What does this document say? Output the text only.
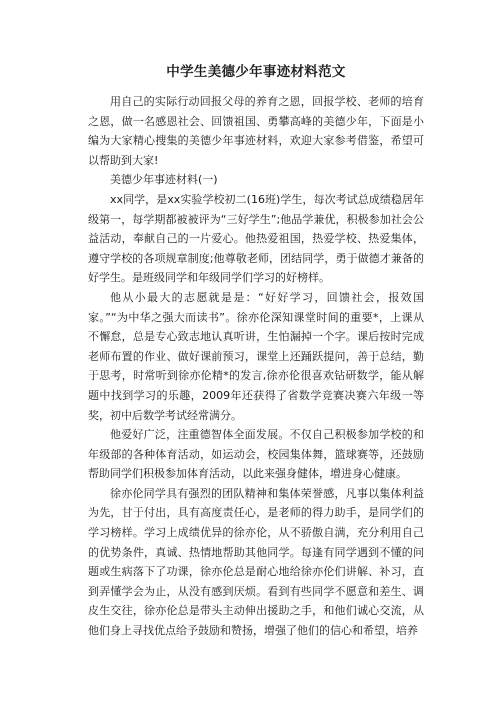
中学生美德少年事迹材料范文

用自己的实际行动回报父母的养育之恩，回报学校、老师的培育之恩，做一名感恩社会、回馈祖国、勇攀高峰的美德少年，下面是小编为大家精心搜集的美德少年事迹材料，欢迎大家参考借鉴，希望可以帮助到大家!

美德少年事迹材料(一)

xx同学，是xx实验学校初二(16班)学生，每次考试总成绩稳居年级第一，每学期都被被评为“三好学生”;他品学兼优，积极参加社会公益活动，奉献自己的一片爱心。他热爱祖国，热爱学校、热爱集体，遵守学校的各项规章制度;他尊敬老师，团结同学，勇于做德才兼备的好学生。是班级同学和年级同学们学习的好榜样。

他从小最大的志愿就是是：“好好学习，回馈社会，报效国家。”“为中华之强大而读书”。徐亦伦深知课堂时间的重要*，上课从不懈怠，总是专心致志地认真听讲，生怕漏掉一个字。课后按时完成老师布置的作业、做好课前预习，课堂上还踊跃提问，善于总结，勤于思考，时常听到徐亦伦精*的发言,徐亦伦很喜欢钻研数学，能从解题中找到学习的乐趣，2009年还获得了省数学竞赛决赛六年级一等奖，初中后数学考试经常满分。

他爱好广泛，注重德智体全面发展。不仅自己积极参加学校的和年级部的各种体育活动，如运动会，校园集体舞，篮球赛等，还鼓励帮助同学们积极参加体育活动，以此来强身健体，增进身心健康。

徐亦伦同学具有强烈的团队精神和集体荣誉感，凡事以集体利益为先，甘于付出，具有高度责任心，是老师的得力助手，是同学们的学习榜样。学习上成绩优异的徐亦伦，从不骄傲自满，充分利用自己的优势条件，真诚、热情地帮助其他同学。每逢有同学遇到不懂的问题或生病落下了功课，徐亦伦总是耐心地给徐亦伦们讲解、补习，直到弄懂学会为止，从没有感到厌烦。看到有些同学不愿意和差生、调皮生交往，徐亦伦总是带头主动伸出援助之手，和他们诚心交流，从他们身上寻找优点给予鼓励和赞扬，增强了他们的信心和希望，培养
